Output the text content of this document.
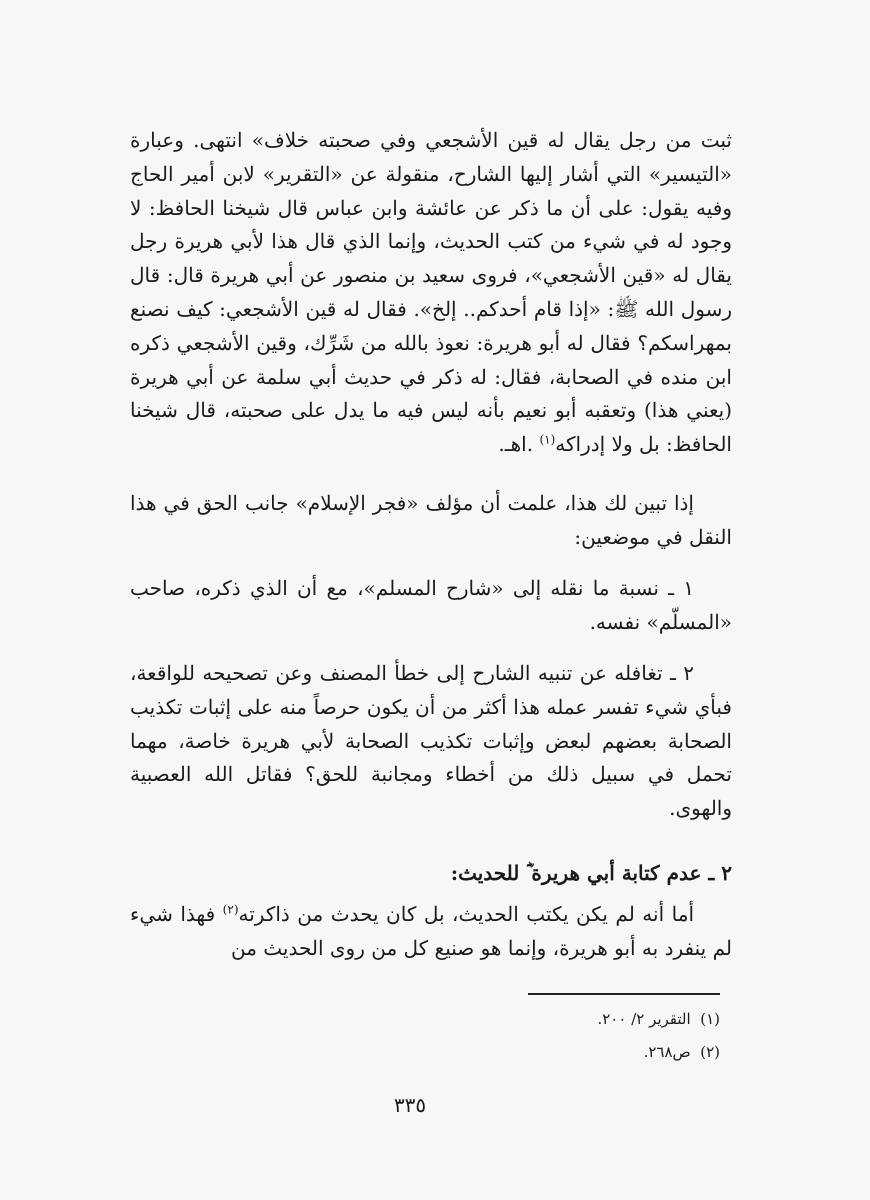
ثبت من رجل يقال له قين الأشجعي وفي صحبته خلاف» انتهى. وعبارة «التيسير» التي أشار إليها الشارح، منقولة عن «التقرير» لابن أمير الحاج وفيه يقول: على أن ما ذكر عن عائشة وابن عباس قال شيخنا الحافظ: لا وجود له في شيء من كتب الحديث، وإنما الذي قال هذا لأبي هريرة رجل يقال له «قين الأشجعي»، فروى سعيد بن منصور عن أبي هريرة قال: قال رسول الله ﷺ: «إذا قام أحدكم.. إلخ». فقال له قين الأشجعي: كيف نصنع بمهراسكم؟ فقال له أبو هريرة: نعوذ بالله من شَرِّك، وقين الأشجعي ذكره ابن منده في الصحابة، فقال: له ذكر في حديث أبي سلمة عن أبي هريرة (يعني هذا) وتعقبه أبو نعيم بأنه ليس فيه ما يدل على صحبته، قال شيخنا الحافظ: بل ولا إدراكه$^{(١)}$ .اهـ.

إذا تبين لك هذا، علمت أن مؤلف «فجر الإسلام» جانب الحق في هذا النقل في موضعين:

١ ـ نسبة ما نقله إلى «شارح المسلم»، مع أن الذي ذكره، صاحب «المسلّم» نفسه.

٢ ـ تغافله عن تنبيه الشارح إلى خطأ المصنف وعن تصحيحه للواقعة، فبأي شيء تفسر عمله هذا أكثر من أن يكون حرصاً منه على إثبات تكذيب الصحابة بعضهم لبعض وإثبات تكذيب الصحابة لأبي هريرة خاصة، مهما تحمل في سبيل ذلك من أخطاء ومجانبة للحق؟ فقاتل الله العصبية والهوى.

٢ ـ عدم كتابة أبي هريرة ؓ للحديث:

أما أنه لم يكن يكتب الحديث، بل كان يحدث من ذاكرته$^{(٢)}$ فهذا شيء لم ينفرد به أبو هريرة، وإنما هو صنيع كل من روى الحديث من

(١)  التقرير ٢/ ٢٠٠.

(٢)  ص٢٦٨.

٣٣٥
